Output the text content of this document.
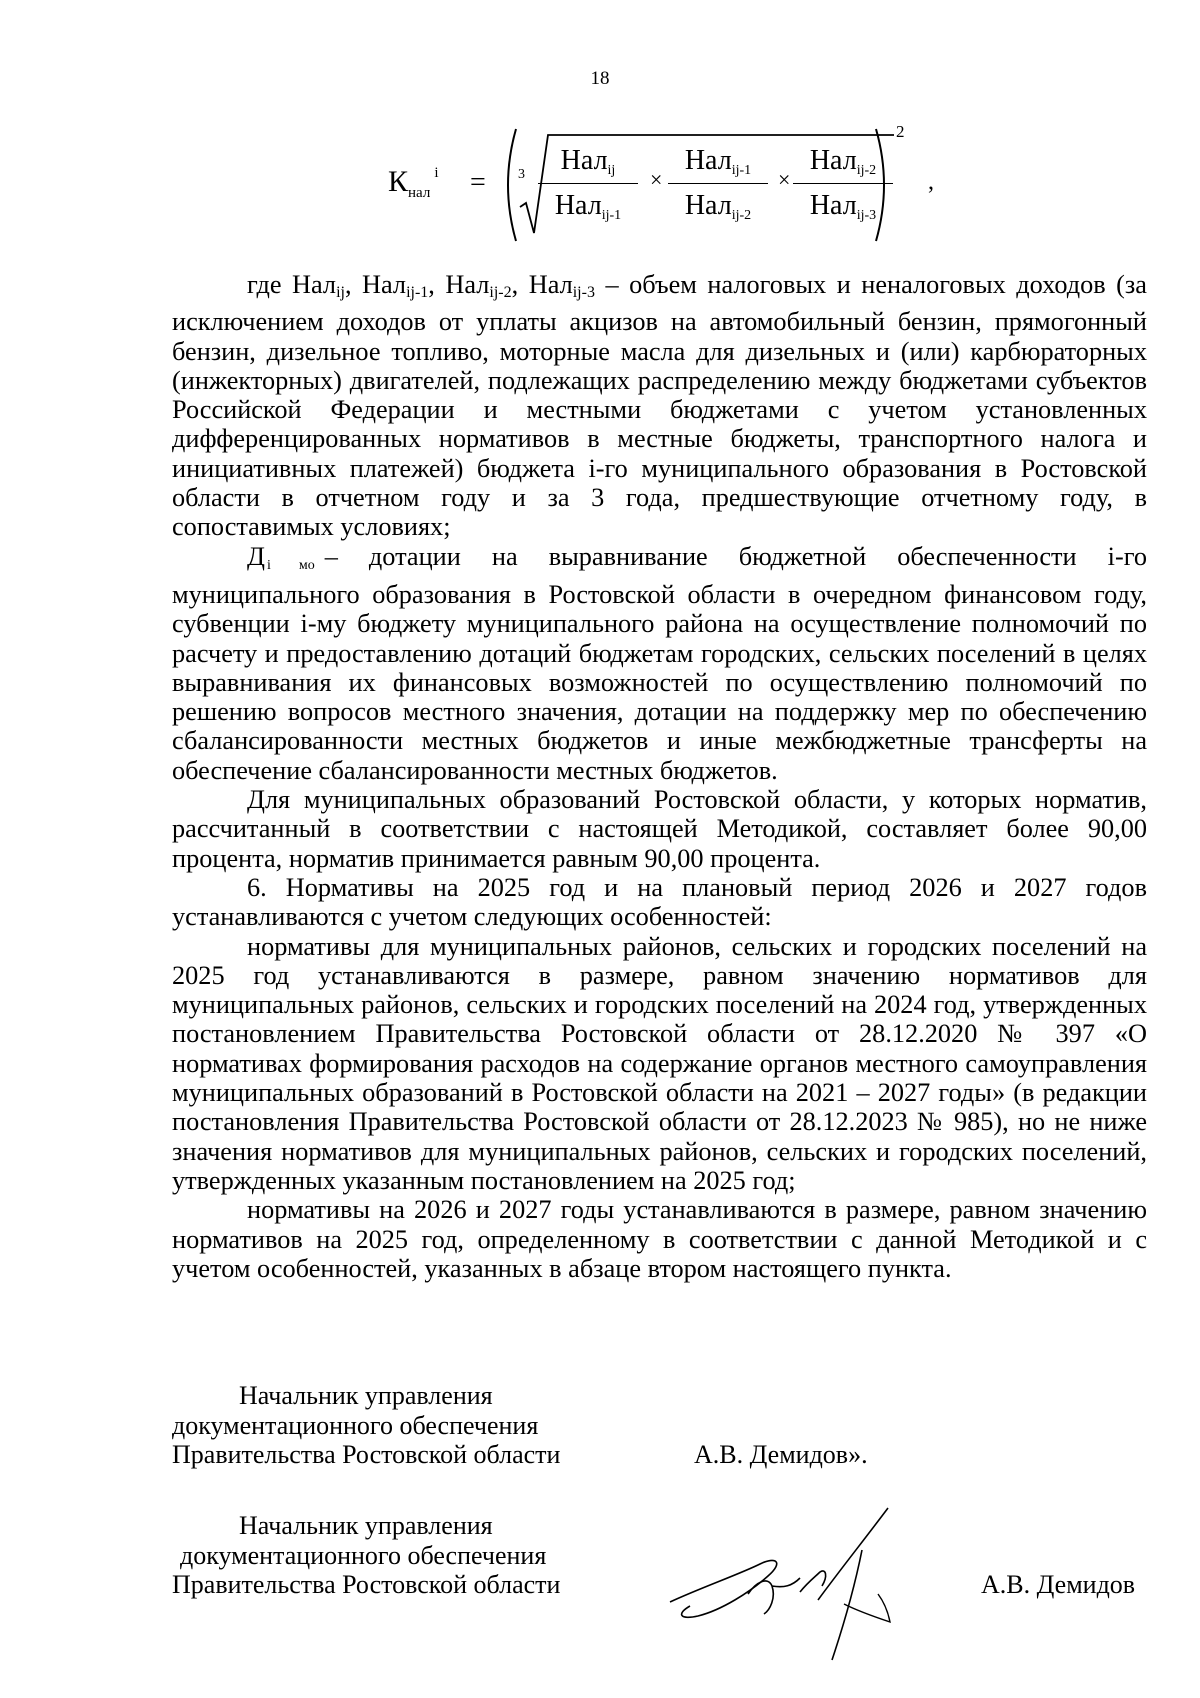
18
$К_{нал}^i = 3$	Налij
Налij-1
×
Налij-1
Налij-2
×
Налij-2
Налij-3
2
,

где Нал$_{ij}$, Нал$_{ij-1}$, Нал$_{ij-2}$, Нал$_{ij-3}$ – объем налоговых и неналоговых доходов (за исключением доходов от уплаты акцизов на автомобильный бензин, прямогонный бензин, дизельное топливо, моторные масла для дизельных и (или) карбюраторных (инжекторных) двигателей, подлежащих распределению между бюджетами субъектов Российской Федерации и местными бюджетами с учетом установленных дифференцированных нормативов в местные бюджеты, транспортного налога и инициативных платежей) бюджета i-го муниципального образования в Ростовской области в отчетном году и за 3 года, предшествующие отчетному году, в сопоставимых условиях;

Дi мо – дотации на выравнивание бюджетной обеспеченности i-го муниципального образования в Ростовской области в очередном финансовом году, субвенции i-му бюджету муниципального района на осуществление полномочий по расчету и предоставлению дотаций бюджетам городских, сельских поселений в целях выравнивания их финансовых возможностей по осуществлению полномочий по решению вопросов местного значения, дотации на поддержку мер по обеспечению сбалансированности местных бюджетов и иные межбюджетные трансферты на обеспечение сбалансированности местных бюджетов.

Для муниципальных образований Ростовской области, у которых норматив, рассчитанный в соответствии с настоящей Методикой, составляет более 90,00 процента, норматив принимается равным 90,00 процента.

6. Нормативы на 2025 год и на плановый период 2026 и 2027 годов устанавливаются с учетом следующих особенностей:

нормативы для муниципальных районов, сельских и городских поселений на 2025 год устанавливаются в размере, равном значению нормативов для муниципальных районов, сельских и городских поселений на 2024 год, утвержденных постановлением Правительства Ростовской области от 28.12.2020 № 397 «О нормативах формирования расходов на содержание органов местного самоуправления муниципальных образований в Ростовской области на 2021 – 2027 годы» (в редакции постановления Правительства Ростовской области от 28.12.2023 № 985), но не ниже значения нормативов для муниципальных районов, сельских и городских поселений, утвержденных указанным постановлением на 2025 год;

нормативы на 2026 и 2027 годы устанавливаются в размере, равном значению нормативов на 2025 год, определенному в соответствии с данной Методикой и с учетом особенностей, указанных в абзаце втором настоящего пункта.

Начальник управления
документационного обеспечения
Правительства Ростовской области	А.В. Демидов».
Начальник управления
документационного обеспечения
Правительства Ростовской области	А.В. Демидов
